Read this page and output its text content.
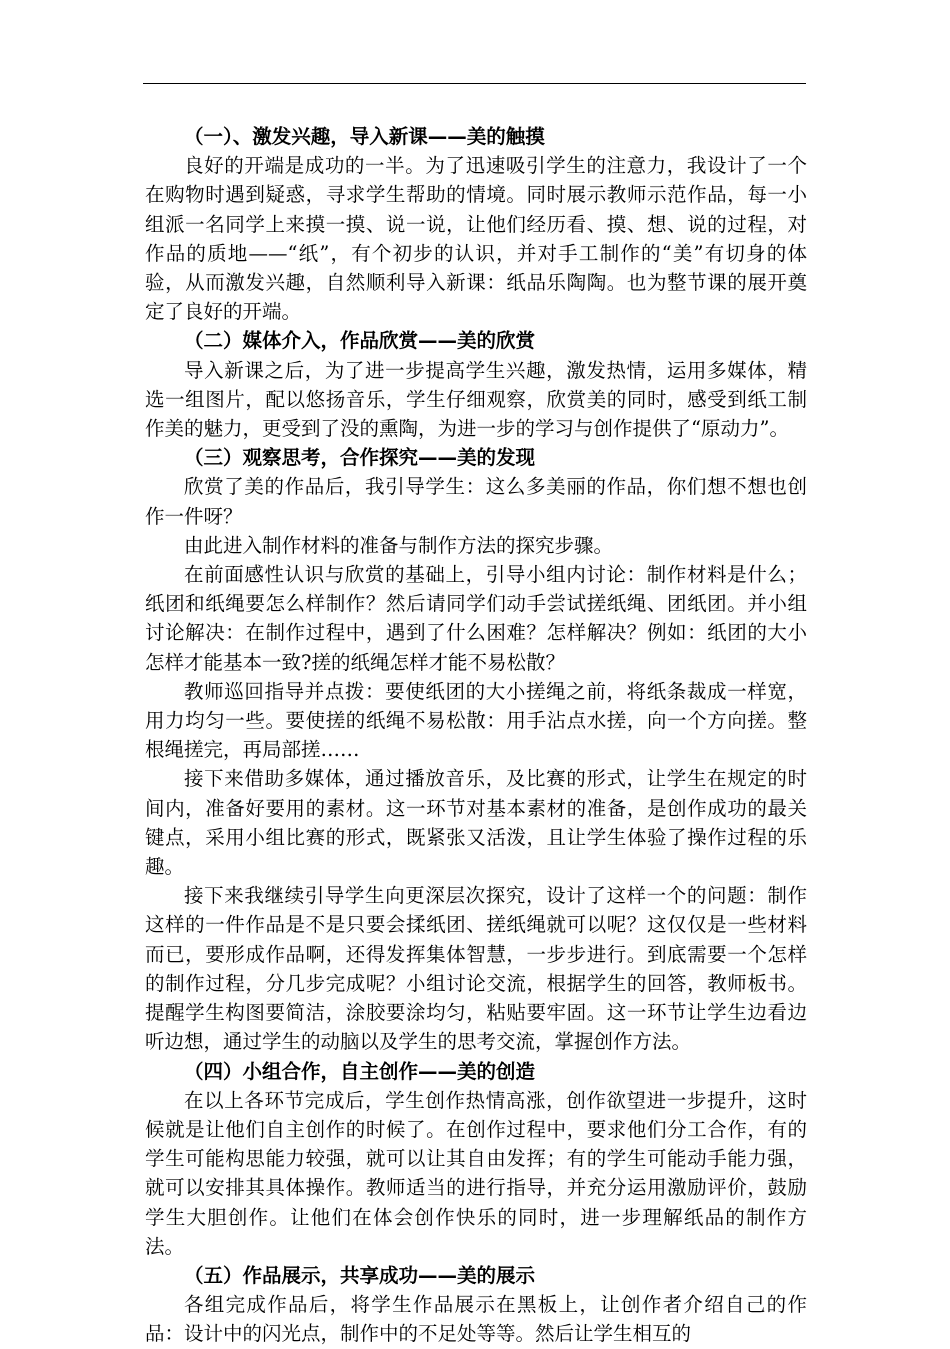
（一）、激发兴趣，导入新课——美的触摸

良好的开端是成功的一半。为了迅速吸引学生的注意力，我设计了一个在购物时遇到疑惑，寻求学生帮助的情境。同时展示教师示范作品，每一小组派一名同学上来摸一摸、说一说，让他们经历看、摸、想、说的过程，对作品的质地——“纸”，有个初步的认识，并对手工制作的“美”有切身的体验，从而激发兴趣，自然顺利导入新课：纸品乐陶陶。也为整节课的展开奠定了良好的开端。

（二）媒体介入，作品欣赏——美的欣赏

导入新课之后，为了进一步提高学生兴趣，激发热情，运用多媒体，精选一组图片，配以悠扬音乐，学生仔细观察，欣赏美的同时，感受到纸工制作美的魅力，更受到了没的熏陶，为进一步的学习与创作提供了“原动力”。

（三）观察思考，合作探究——美的发现

欣赏了美的作品后，我引导学生：这么多美丽的作品，你们想不想也创作一件呀？

由此进入制作材料的准备与制作方法的探究步骤。

在前面感性认识与欣赏的基础上，引导小组内讨论：制作材料是什么；纸团和纸绳要怎么样制作？然后请同学们动手尝试搓纸绳、团纸团。并小组讨论解决：在制作过程中，遇到了什么困难？怎样解决？例如：纸团的大小怎样才能基本一致?搓的纸绳怎样才能不易松散？

教师巡回指导并点拨：要使纸团的大小搓绳之前，将纸条裁成一样宽，用力均匀一些。要使搓的纸绳不易松散：用手沾点水搓，向一个方向搓。整根绳搓完，再局部搓……

接下来借助多媒体，通过播放音乐，及比赛的形式，让学生在规定的时间内，准备好要用的素材。这一环节对基本素材的准备，是创作成功的最关键点，采用小组比赛的形式，既紧张又活泼，且让学生体验了操作过程的乐趣。

接下来我继续引导学生向更深层次探究，设计了这样一个的问题：制作这样的一件作品是不是只要会揉纸团、搓纸绳就可以呢？这仅仅是一些材料而已，要形成作品啊，还得发挥集体智慧，一步步进行。到底需要一个怎样的制作过程，分几步完成呢？小组讨论交流，根据学生的回答，教师板书。提醒学生构图要简洁，涂胶要涂均匀，粘贴要牢固。这一环节让学生边看边听边想，通过学生的动脑以及学生的思考交流，掌握创作方法。

（四）小组合作，自主创作——美的创造

在以上各环节完成后，学生创作热情高涨，创作欲望进一步提升，这时候就是让他们自主创作的时候了。在创作过程中，要求他们分工合作，有的学生可能构思能力较强，就可以让其自由发挥；有的学生可能动手能力强，就可以安排其具体操作。教师适当的进行指导，并充分运用激励评价，鼓励学生大胆创作。让他们在体会创作快乐的同时，进一步理解纸品的制作方法。

（五）作品展示，共享成功——美的展示

各组完成作品后，将学生作品展示在黑板上，让创作者介绍自己的作品：设计中的闪光点，制作中的不足处等等。然后让学生相互的
